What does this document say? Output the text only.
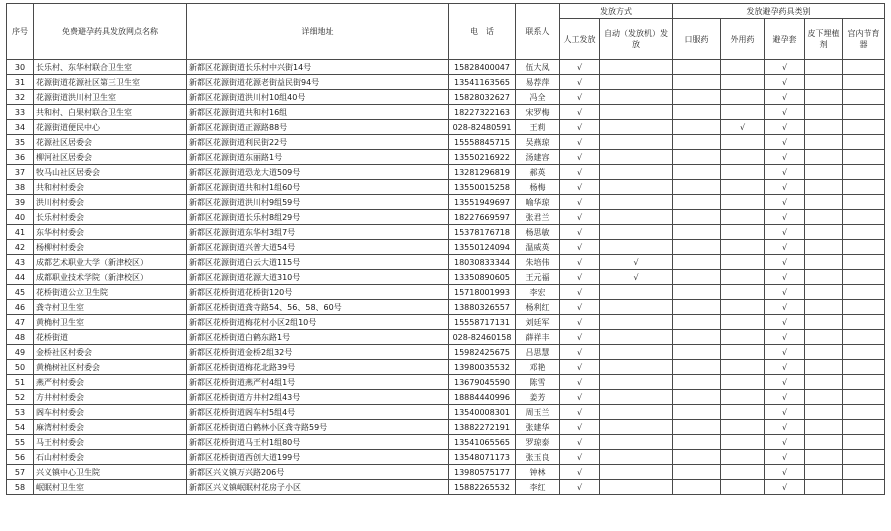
序号	免费避孕药具发放网点名称	详细地址	电　话	联系人	发放方式		发放避孕药具类别				
					人工发放	自动（发放机）发放	口服药	外用药	避孕套	皮下埋植剂	宫内节育器
30	长乐村、东华村联合卫生室	新都区花源街道长乐村中兴街14号	15828400047	伍大凤	√				√		
31	花源街道花源社区第三卫生室	新都区花源街道花源老街益民街94号	13541163565	易荐萍	√				√		
32	花源街道洪川村卫生室	新都区花源街道洪川村10组40号	15828032627	冯全	√				√		
33	共和村、白果村联合卫生室	新都区花源街道共和村16组	18227322163	宋罗梅	√				√		
34	花源街道便民中心	新都区花源街道正源路88号	028-82480591	王莉	√			√	√		
35	花源社区居委会	新都区花源街道利民街22号	15558845715	吴燕琼	√				√		
36	柳河社区居委会	新都区花源街道东丽路1号	13550216922	汤建容	√				√		
37	牧马山社区居委会	新都区花源街道恐龙大道509号	13281296819	郝英	√				√		
38	共和村村委会	新都区花源街道共和村1组60号	13550015258	杨梅	√				√		
39	洪川村村委会	新都区花源街道洪川村9组59号	13551949697	喻华琼	√				√		
40	长乐村村委会	新都区花源街道长乐村8组29号	18227669597	张君兰	√				√		
41	东华村村委会	新都区花源街道东华村3组7号	15378176718	杨思敏	√				√		
42	杨柳村村委会	新都区花源街道兴普大道54号	13550124094	温威英	√				√		
43	成都艺术职业大学（新津校区）	新都区花源街道白云大道115号	18030833344	朱培伟	√	√			√		
44	成都职业技术学院（新津校区）	新都区花源街道花源大道310号	13350890605	王元福	√	√			√		
45	花桥街道公立卫生院	新都区花桥街道花桥街120号	15718001993	李宏	√				√		
46	龚寺村卫生室	新都区花桥街道龚寺路54、56、58、60号	13880326557	杨利红	√				√		
47	黄桷村卫生室	新都区花桥街道梅花村小区2组10号	15558717131	刘廷军	√				√		
48	花桥街道	新都区花桥街道白鹤东路1号	028-82460158	薛祥丰	√				√		
49	金桥社区村委会	新都区花桥街道金桥2组32号	15982425675	吕思慧	√				√		
50	黄桷树社区村委会	新都区花桥街道梅花北路39号	13980035532	邓艳	√				√		
51	燕严村村委会	新都区花桥街道燕严村4组1号	13679045590	陈雪	√				√		
52	方井村村委会	新都区花桥街道方井村2组43号	18884440996	姜芳	√				√		
53	阁车村村委会	新都区花桥街道阁车村5组4号	13540008301	周玉兰	√				√		
54	麻湾村村委会	新都区花桥街道白鹤林小区龚寺路59号	13882272191	张建华	√				√		
55	马王村村委会	新都区花桥街道马王村1组80号	13541065565	罗琼泰	√				√		
56	石山村村委会	新都区花桥街道西创大道199号	13548071173	张玉良	√				√		
57	兴义镇中心卫生院	新都区兴义镇万兴路206号	13980575177	钟林	√				√		
58	岷眠村卫生室	新都区兴义镇岷眠村花房子小区	15882265532	李红	√				√		
